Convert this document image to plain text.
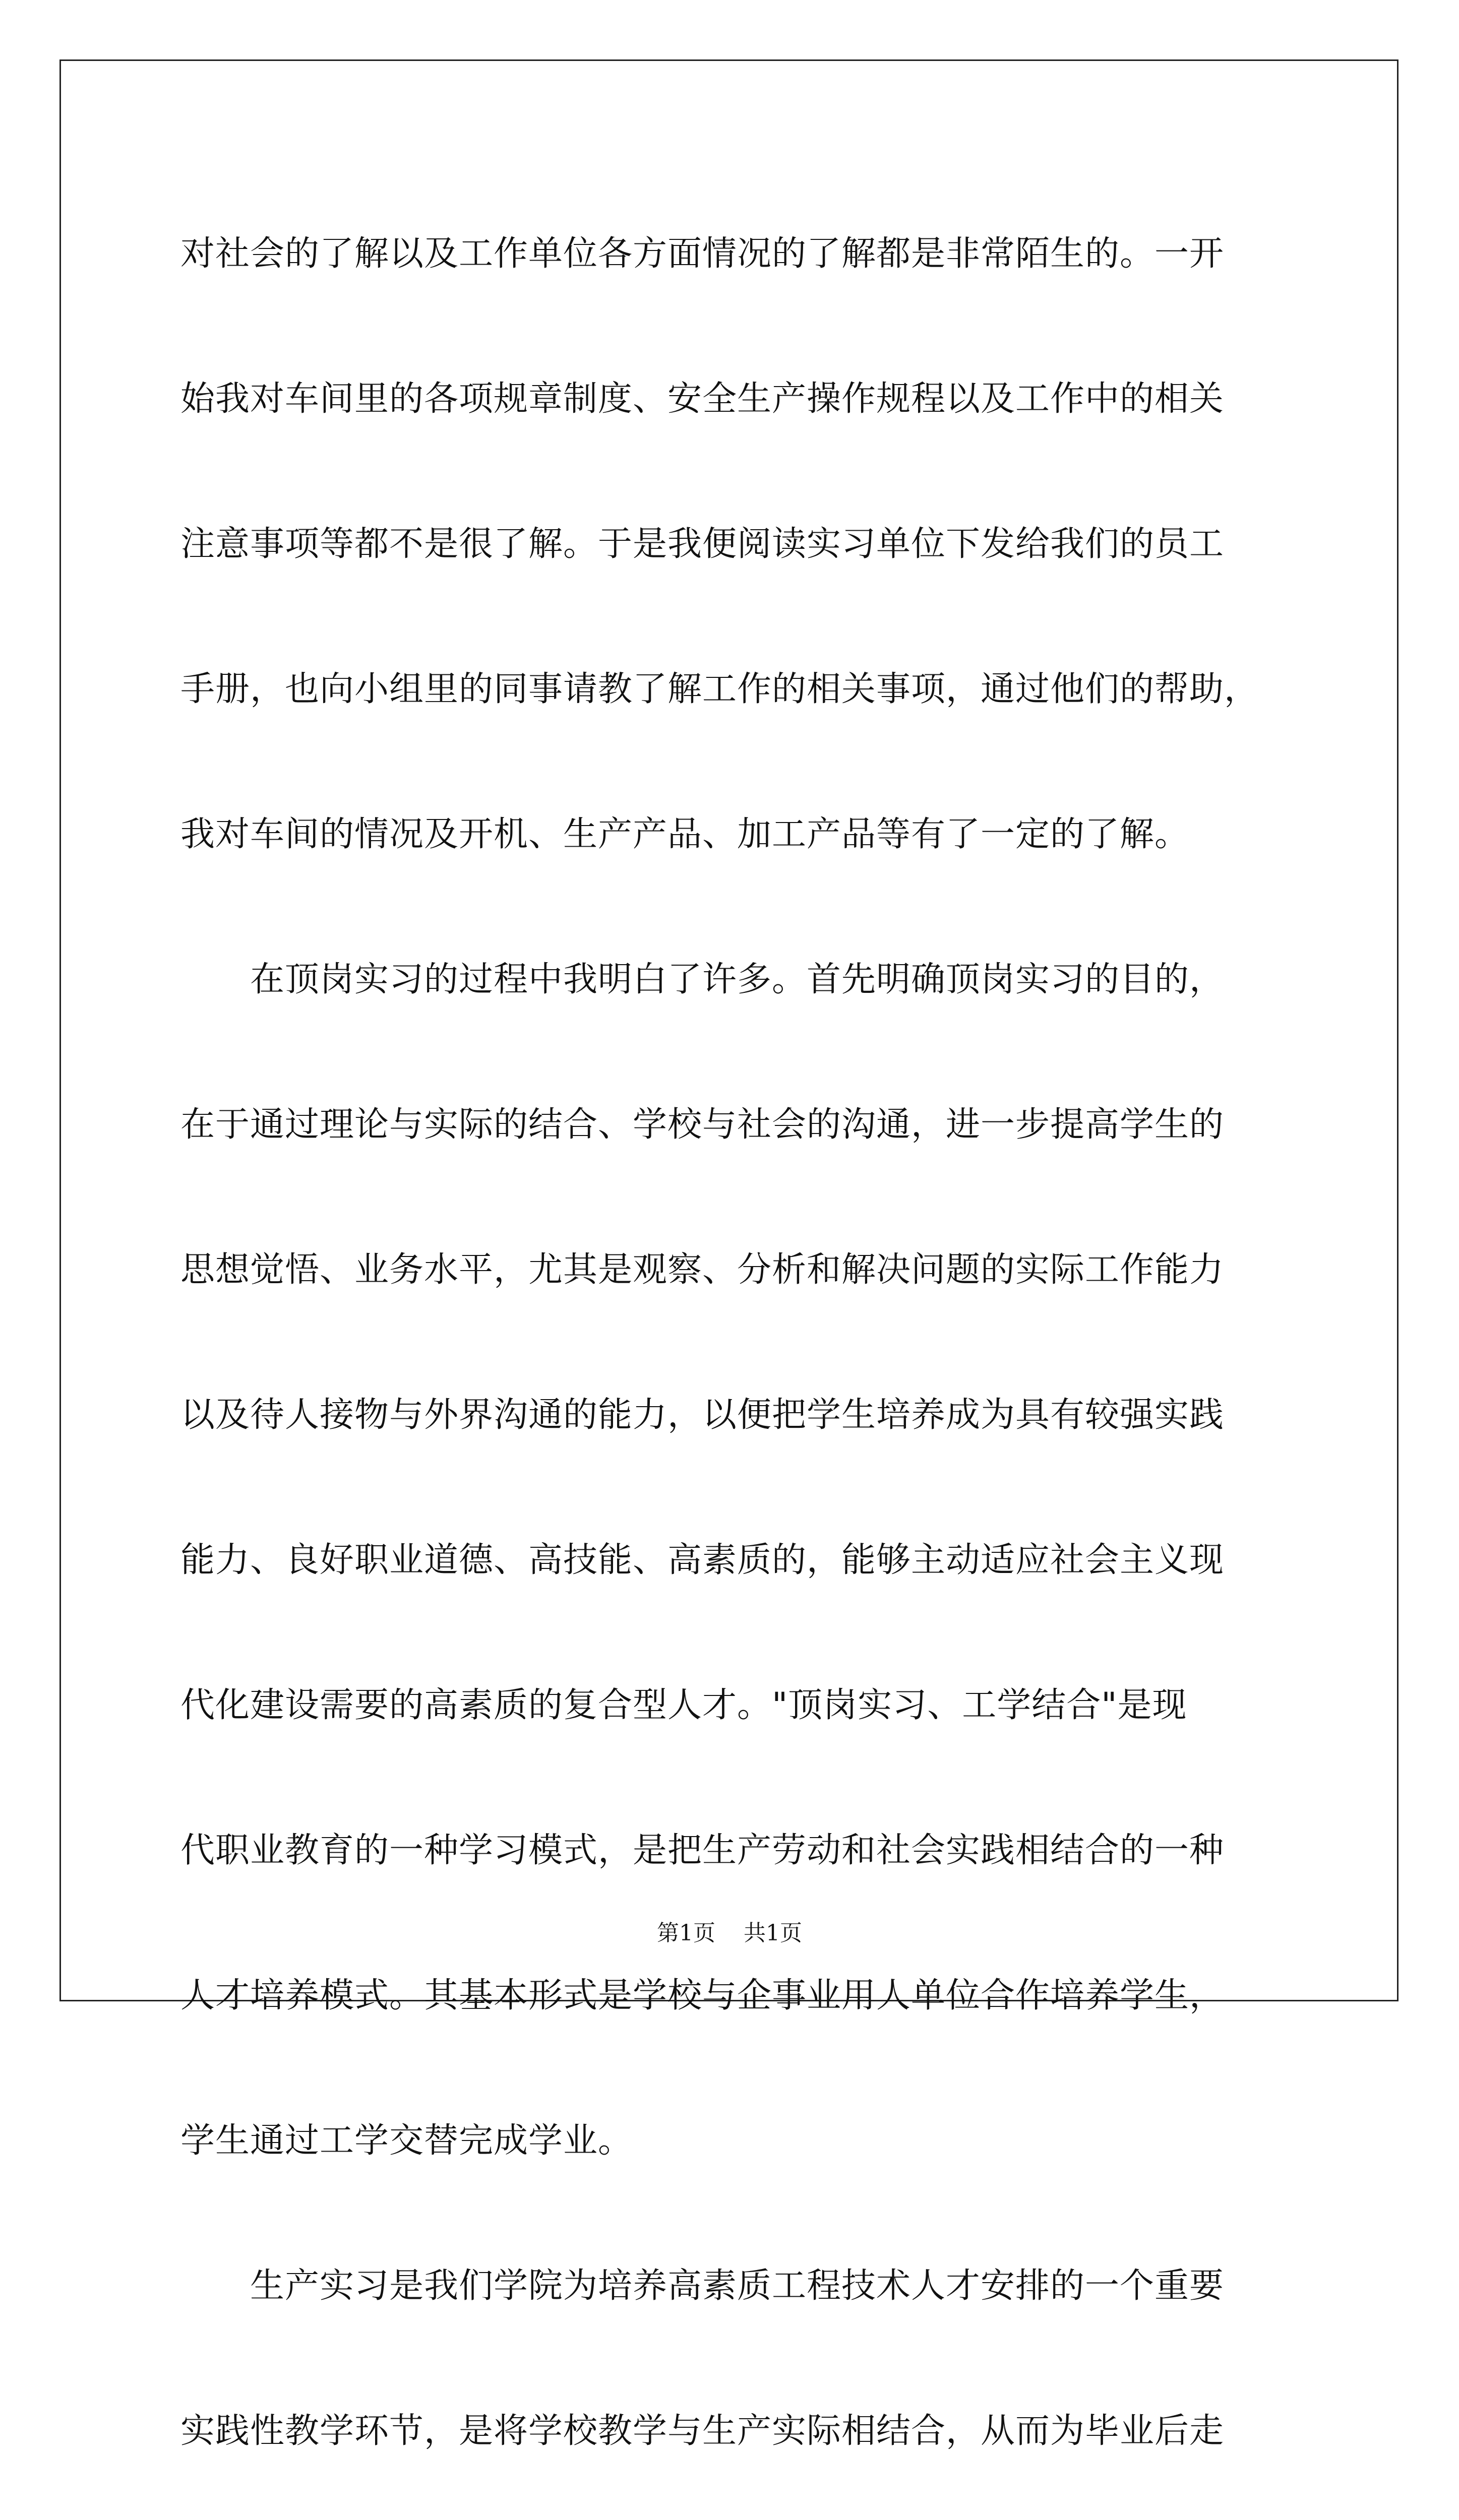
对社会的了解以及工作单位各方面情况的了解都是非常陌生的。一开
始我对车间里的各项规章制度、安全生产操作规程以及工作中的相关
注意事项等都不是很了解。于是我便阅读实习单位下发给我们的员工
手册，也向小组里的同事请教了解工作的相关事项，通过他们的帮助，
我对车间的情况及开机、生产产品、加工产品等有了一定的了解。
　　在顶岗实习的过程中我明白了许多。首先明确顶岗实习的目的，
在于通过理论与实际的结合、学校与社会的沟通，进一步提高学生的
思想觉悟、业务水平，尤其是观察、分析和解决问题的实际工作能力
以及待人接物与外界沟通的能力，以便把学生培养成为具有较强实践
能力、良好职业道德、高技能、高素质的，能够主动适应社会主义现
代化建设需要的高素质的复合型人才。"顶岗实习、工学结合"是现
代职业教育的一种学习模式，是把生产劳动和社会实践相结合的一种
人才培养模式。其基本形式是学校与企事业用人单位合作培养学生，
学生通过工学交替完成学业。
　　生产实习是我们学院为培养高素质工程技术人才安排的一个重要
实践性教学环节，是将学校教学与生产实际相结合，从而为毕业后走
第1页 共1页
